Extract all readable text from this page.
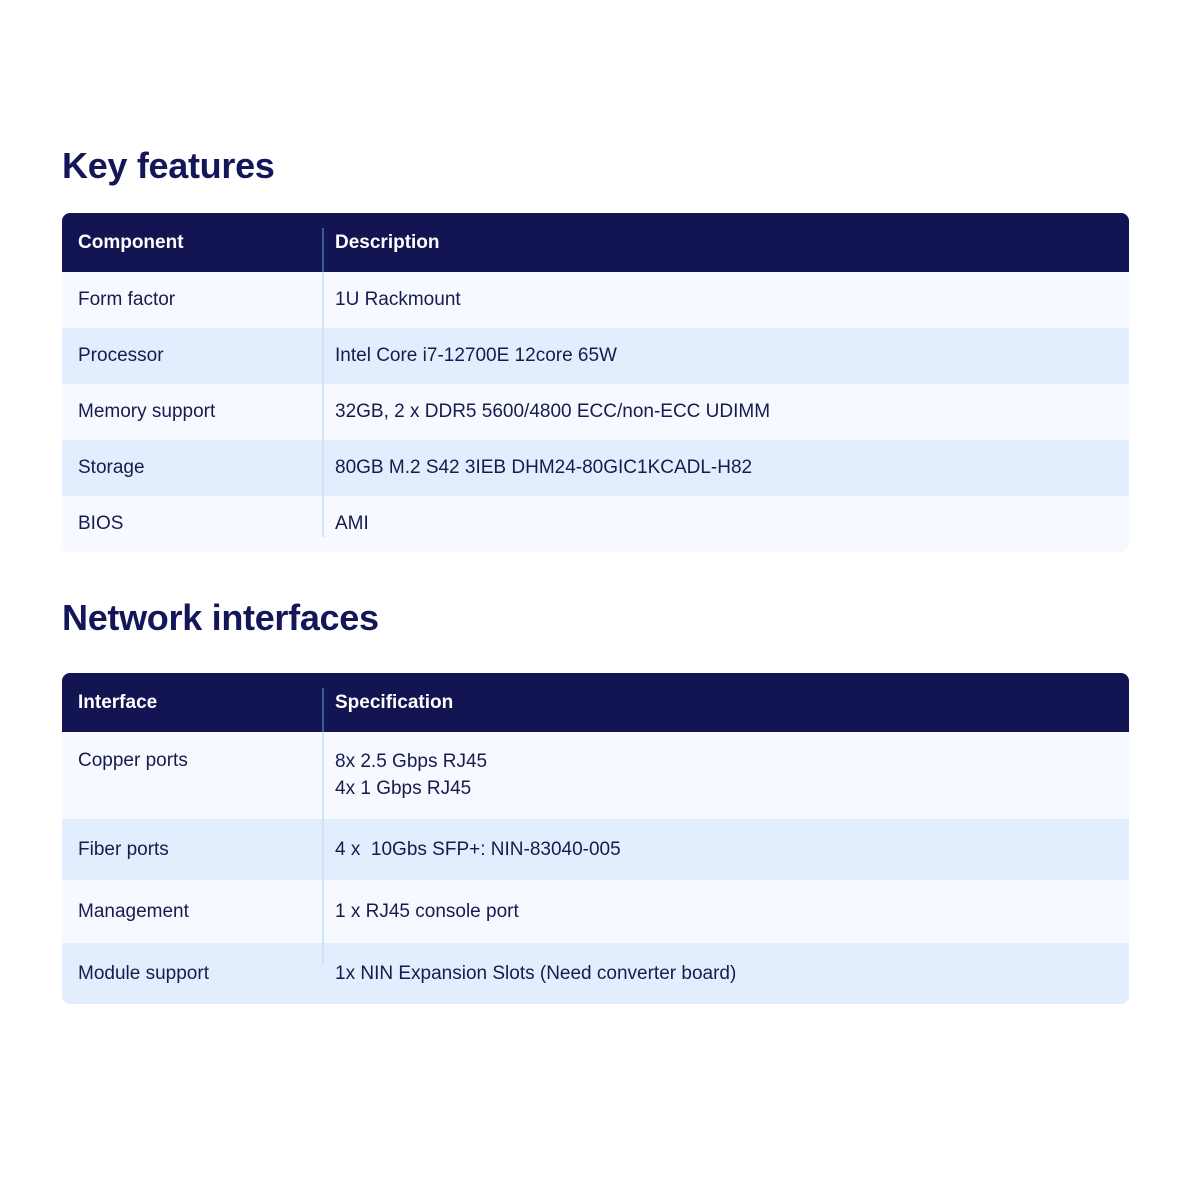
Key features
Component	Description
Form factor	1U Rackmount
Processor	Intel Core i7-12700E 12core 65W
Memory support	32GB, 2 x DDR5 5600/4800 ECC/non-ECC UDIMM
Storage	80GB M.2 S42 3IEB DHM24-80GIC1KCADL-H82
BIOS	AMI
Network interfaces
Interface	Specification
Copper ports	8x 2.5 Gbps RJ45
4x 1 Gbps RJ45
Fiber ports	4 x  10Gbs SFP+: NIN-83040-005
Management	1 x RJ45 console port
Module support	1x NIN Expansion Slots (Need converter board)
